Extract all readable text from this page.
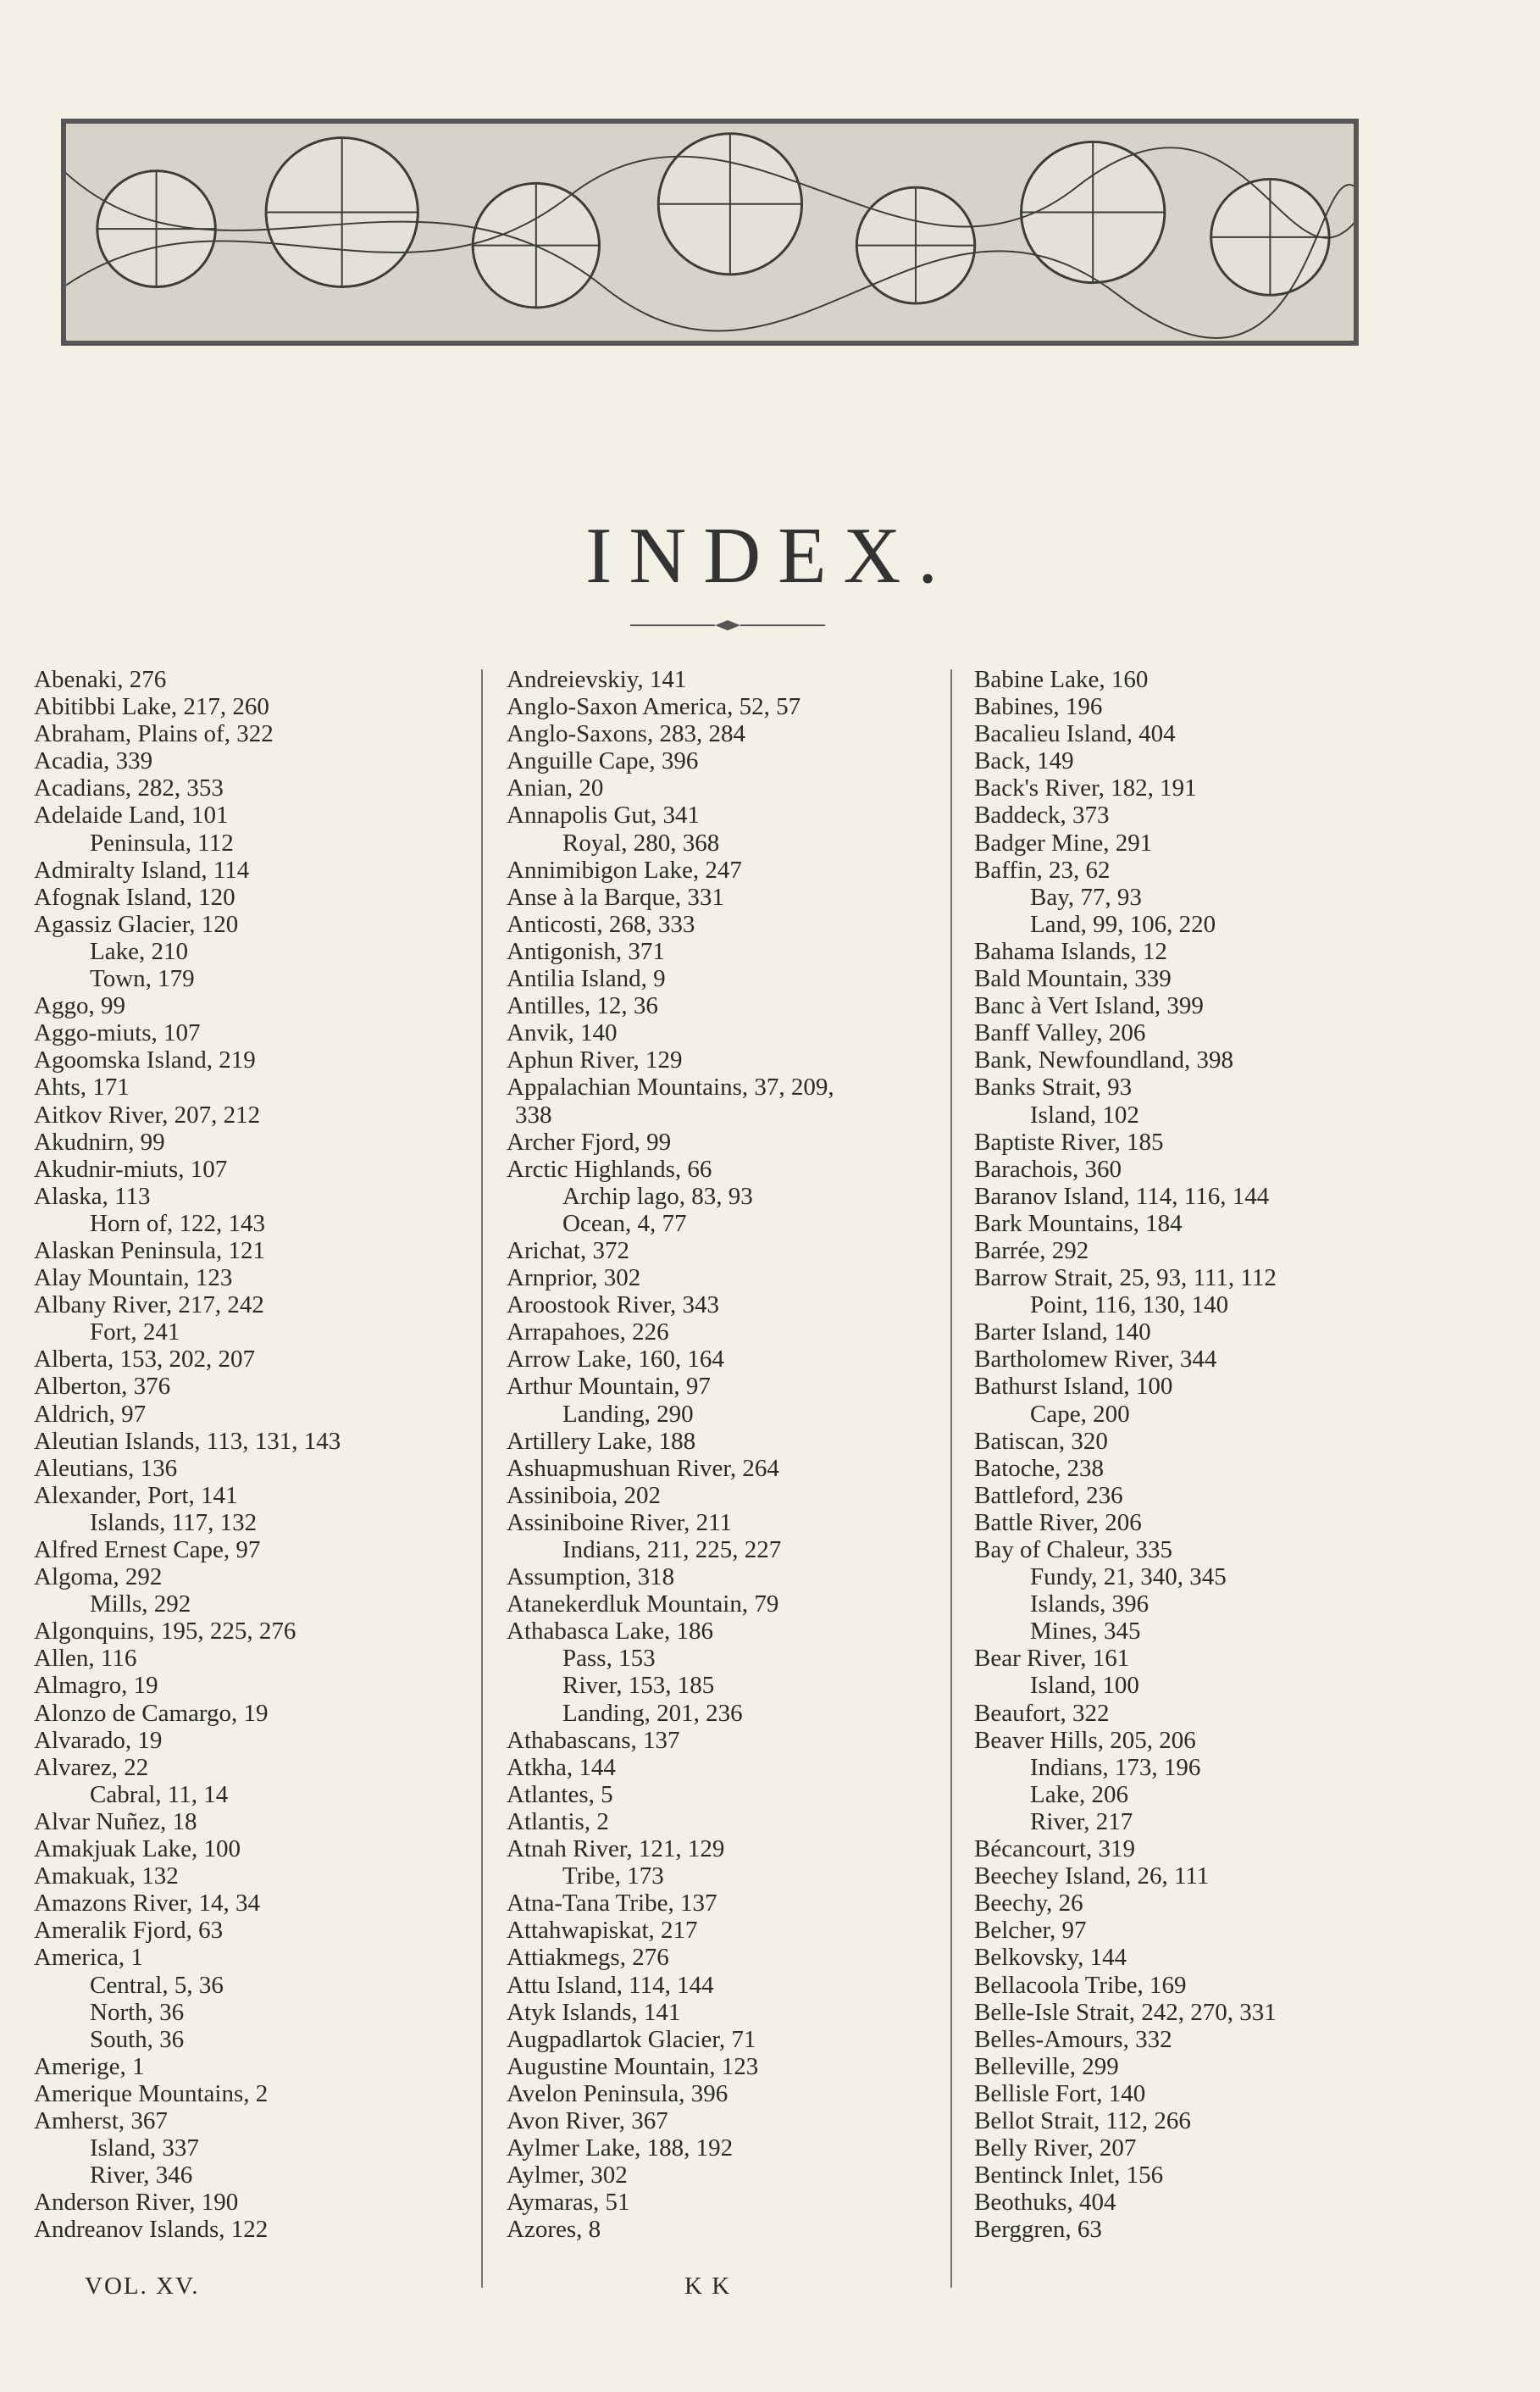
INDEX.
Abenaki, 276
Abitibbi Lake, 217, 260
Abraham, Plains of, 322
Acadia, 339
Acadians, 282, 353
Adelaide Land, 101
Peninsula, 112
Admiralty Island, 114
Afognak Island, 120
Agassiz Glacier, 120
Lake, 210
Town, 179
Aggo, 99
Aggo-miuts, 107
Agoomska Island, 219
Ahts, 171
Aitkov River, 207, 212
Akudnirn, 99
Akudnir-miuts, 107
Alaska, 113
Horn of, 122, 143
Alaskan Peninsula, 121
Alay Mountain, 123
Albany River, 217, 242
Fort, 241
Alberta, 153, 202, 207
Alberton, 376
Aldrich, 97
Aleutian Islands, 113, 131, 143
Aleutians, 136
Alexander, Port, 141
Islands, 117, 132
Alfred Ernest Cape, 97
Algoma, 292
Mills, 292
Algonquins, 195, 225, 276
Allen, 116
Almagro, 19
Alonzo de Camargo, 19
Alvarado, 19
Alvarez, 22
Cabral, 11, 14
Alvar Nuñez, 18
Amakjuak Lake, 100
Amakuak, 132
Amazons River, 14, 34
Ameralik Fjord, 63
America, 1
Central, 5, 36
North, 36
South, 36
Amerige, 1
Amerique Mountains, 2
Amherst, 367
Island, 337
River, 346
Anderson River, 190
Andreanov Islands, 122
Andreievskiy, 141
Anglo-Saxon America, 52, 57
Anglo-Saxons, 283, 284
Anguille Cape, 396
Anian, 20
Annapolis Gut, 341
Royal, 280, 368
Annimibigon Lake, 247
Anse à la Barque, 331
Anticosti, 268, 333
Antigonish, 371
Antilia Island, 9
Antilles, 12, 36
Anvik, 140
Aphun River, 129
Appalachian Mountains, 37, 209,
338
Archer Fjord, 99
Arctic Highlands, 66
Archip lago, 83, 93
Ocean, 4, 77
Arichat, 372
Arnprior, 302
Aroostook River, 343
Arrapahoes, 226
Arrow Lake, 160, 164
Arthur Mountain, 97
Landing, 290
Artillery Lake, 188
Ashuapmushuan River, 264
Assiniboia, 202
Assiniboine River, 211
Indians, 211, 225, 227
Assumption, 318
Atanekerdluk Mountain, 79
Athabasca Lake, 186
Pass, 153
River, 153, 185
Landing, 201, 236
Athabascans, 137
Atkha, 144
Atlantes, 5
Atlantis, 2
Atnah River, 121, 129
Tribe, 173
Atna-Tana Tribe, 137
Attahwapiskat, 217
Attiakmegs, 276
Attu Island, 114, 144
Atyk Islands, 141
Augpadlartok Glacier, 71
Augustine Mountain, 123
Avelon Peninsula, 396
Avon River, 367
Aylmer Lake, 188, 192
Aylmer, 302
Aymaras, 51
Azores, 8
Babine Lake, 160
Babines, 196
Bacalieu Island, 404
Back, 149
Back's River, 182, 191
Baddeck, 373
Badger Mine, 291
Baffin, 23, 62
Bay, 77, 93
Land, 99, 106, 220
Bahama Islands, 12
Bald Mountain, 339
Banc à Vert Island, 399
Banff Valley, 206
Bank, Newfoundland, 398
Banks Strait, 93
Island, 102
Baptiste River, 185
Barachois, 360
Baranov Island, 114, 116, 144
Bark Mountains, 184
Barrée, 292
Barrow Strait, 25, 93, 111, 112
Point, 116, 130, 140
Barter Island, 140
Bartholomew River, 344
Bathurst Island, 100
Cape, 200
Batiscan, 320
Batoche, 238
Battleford, 236
Battle River, 206
Bay of Chaleur, 335
Fundy, 21, 340, 345
Islands, 396
Mines, 345
Bear River, 161
Island, 100
Beaufort, 322
Beaver Hills, 205, 206
Indians, 173, 196
Lake, 206
River, 217
Bécancourt, 319
Beechey Island, 26, 111
Beechy, 26
Belcher, 97
Belkovsky, 144
Bellacoola Tribe, 169
Belle-Isle Strait, 242, 270, 331
Belles-Amours, 332
Belleville, 299
Bellisle Fort, 140
Bellot Strait, 112, 266
Belly River, 207
Bentinck Inlet, 156
Beothuks, 404
Berggren, 63
VOL. XV.	K K
